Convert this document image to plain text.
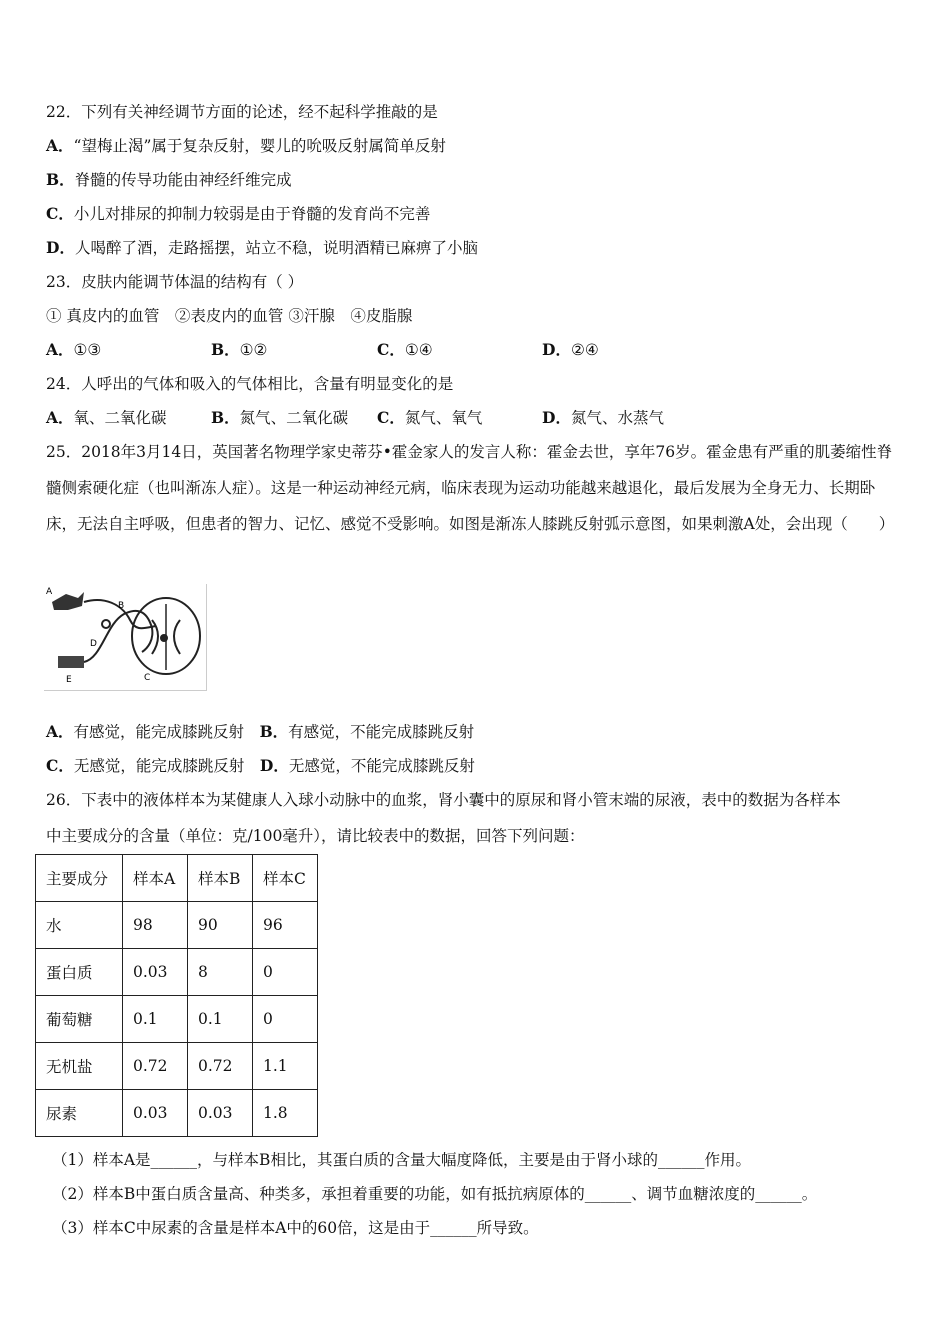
22．下列有关神经调节方面的论述，经不起科学推敲的是
A．“望梅止渴”属于复杂反射，婴儿的吮吸反射属简单反射
B．脊髓的传导功能由神经纤维完成
C．小儿对排尿的抑制力较弱是由于脊髓的发育尚不完善
D．人喝醉了酒，走路摇摆，站立不稳，说明酒精已麻痹了小脑
23．皮肤内能调节体温的结构有（ ）
① 真皮内的血管　②表皮内的血管 ③汗腺　④皮脂腺
A．①③	B．①②	C．①④	D．②④
24．人呼出的气体和吸入的气体相比，含量有明显变化的是
A．氧、二氧化碳	B．氮气、二氧化碳 C．氮气、氧气	D．氮气、水蒸气
25．2018年3月14日，英国著名物理学家史蒂芬•霍金家人的发言人称：霍金去世，享年76岁。霍金患有严重的肌萎缩性脊髓侧索硬化症（也叫渐冻人症）。这是一种运动神经元病，临床表现为运动功能越来越退化，最后发展为全身无力、长期卧床，无法自主呼吸，但患者的智力、记忆、感觉不受影响。如图是渐冻人膝跳反射弧示意图，如果刺激A处，会出现（　　）
A
B
C
D
E
A．有感觉，能完成膝跳反射　 B．有感觉，不能完成膝跳反射
C．无感觉，能完成膝跳反射　 D．无感觉，不能完成膝跳反射
26．下表中的液体样本为某健康人入球小动脉中的血浆，肾小囊中的原尿和肾小管末端的尿液，表中的数据为各样本
中主要成分的含量（单位：克/100毫升），请比较表中的数据，回答下列问题：
主要成分	样本A	样本B	样本C
水	98	90	96
蛋白质	0.03	8	0
葡萄糖	0.1	0.1	0
无机盐	0.72	0.72	1.1
尿素	0.03	0.03	1.8
（1）样本A是______，与样本B相比，其蛋白质的含量大幅度降低，主要是由于肾小球的______作用。
（2）样本B中蛋白质含量高、种类多，承担着重要的功能，如有抵抗病原体的______、调节血糖浓度的______。
（3）样本C中尿素的含量是样本A中的60倍，这是由于______所导致。
